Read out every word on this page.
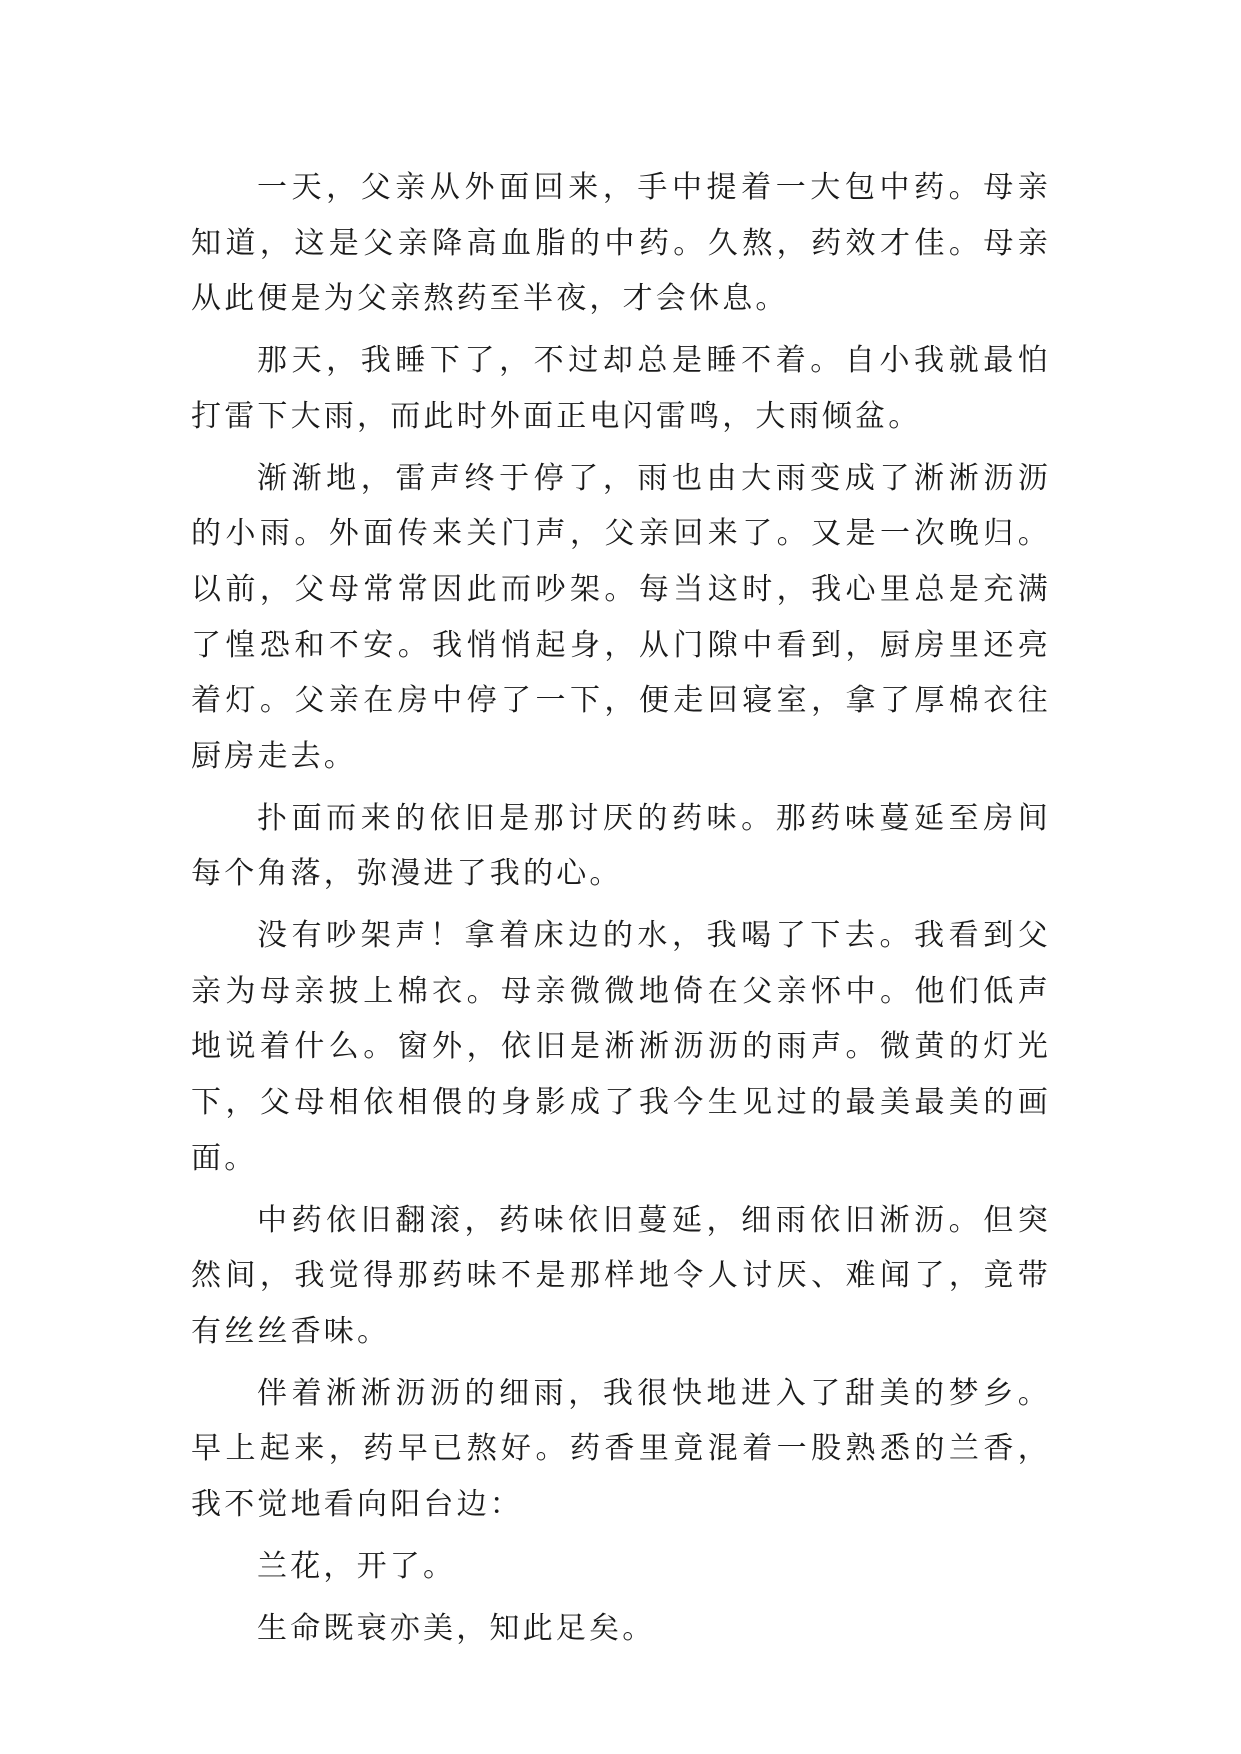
一天，父亲从外面回来，手中提着一大包中药。母亲知道，这是父亲降高血脂的中药。久熬，药效才佳。母亲从此便是为父亲熬药至半夜，才会休息。

那天，我睡下了，不过却总是睡不着。自小我就最怕打雷下大雨，而此时外面正电闪雷鸣，大雨倾盆。

渐渐地，雷声终于停了，雨也由大雨变成了淅淅沥沥的小雨。外面传来关门声，父亲回来了。又是一次晚归。以前，父母常常因此而吵架。每当这时，我心里总是充满了惶恐和不安。我悄悄起身，从门隙中看到，厨房里还亮着灯。父亲在房中停了一下，便走回寝室，拿了厚棉衣往厨房走去。

扑面而来的依旧是那讨厌的药味。那药味蔓延至房间每个角落，弥漫进了我的心。

没有吵架声！拿着床边的水，我喝了下去。我看到父亲为母亲披上棉衣。母亲微微地倚在父亲怀中。他们低声地说着什么。窗外，依旧是淅淅沥沥的雨声。微黄的灯光下，父母相依相偎的身影成了我今生见过的最美最美的画面。

中药依旧翻滚，药味依旧蔓延，细雨依旧淅沥。但突然间，我觉得那药味不是那样地令人讨厌、难闻了，竟带有丝丝香味。

伴着淅淅沥沥的细雨，我很快地进入了甜美的梦乡。早上起来，药早已熬好。药香里竟混着一股熟悉的兰香，我不觉地看向阳台边：

兰花，开了。

生命既衰亦美，知此足矣。
